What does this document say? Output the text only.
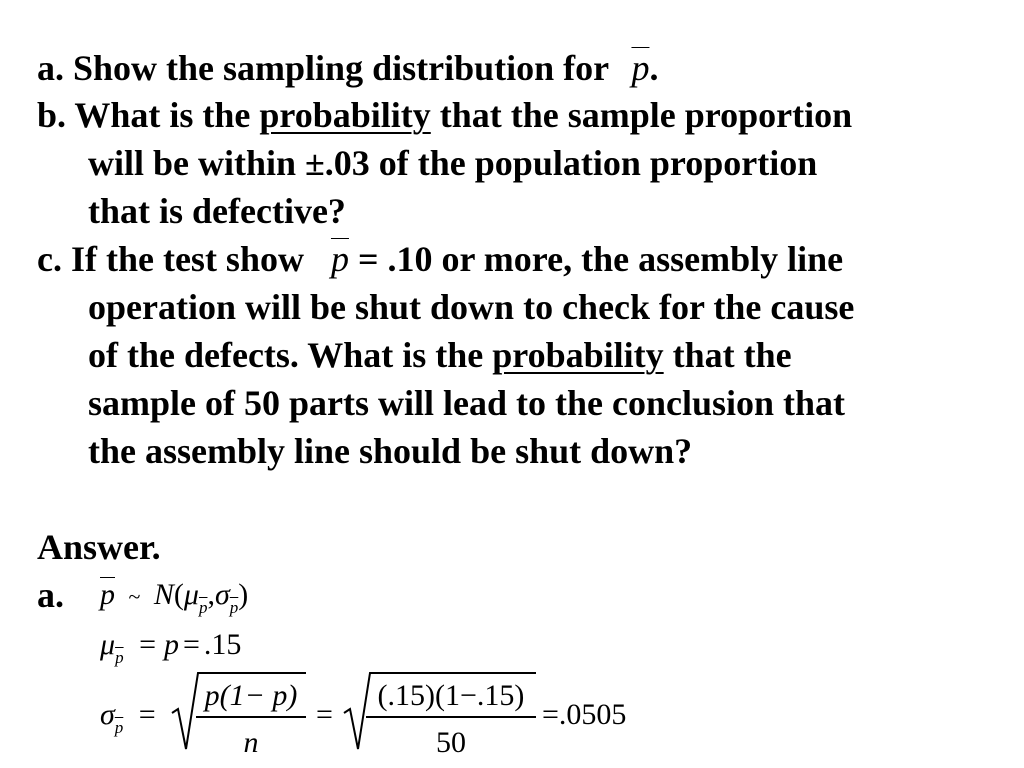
a. Show the sampling distribution for $\overline{p}$.
b. What is the probability that the sample proportion
will be within ±.03 of the population proportion
that is defective?
c. If the test show $\overline{p} = .10$ or more, the assembly line
operation will be shut down to check for the cause
of the defects. What is the probability that the
sample of 50 parts will lead to the conclusion that
the assembly line should be shut down?
Answer.
a. $\overline{p}$ ~ $N(\mu_{\overline{p}},\sigma_{\overline{p}})$
$\mu_{\overline{p}} = p = .15$
$\sigma_{\overline{p}}$ =
p(1− p)
n
=
(.15)(1−.15)
50
=.0505
